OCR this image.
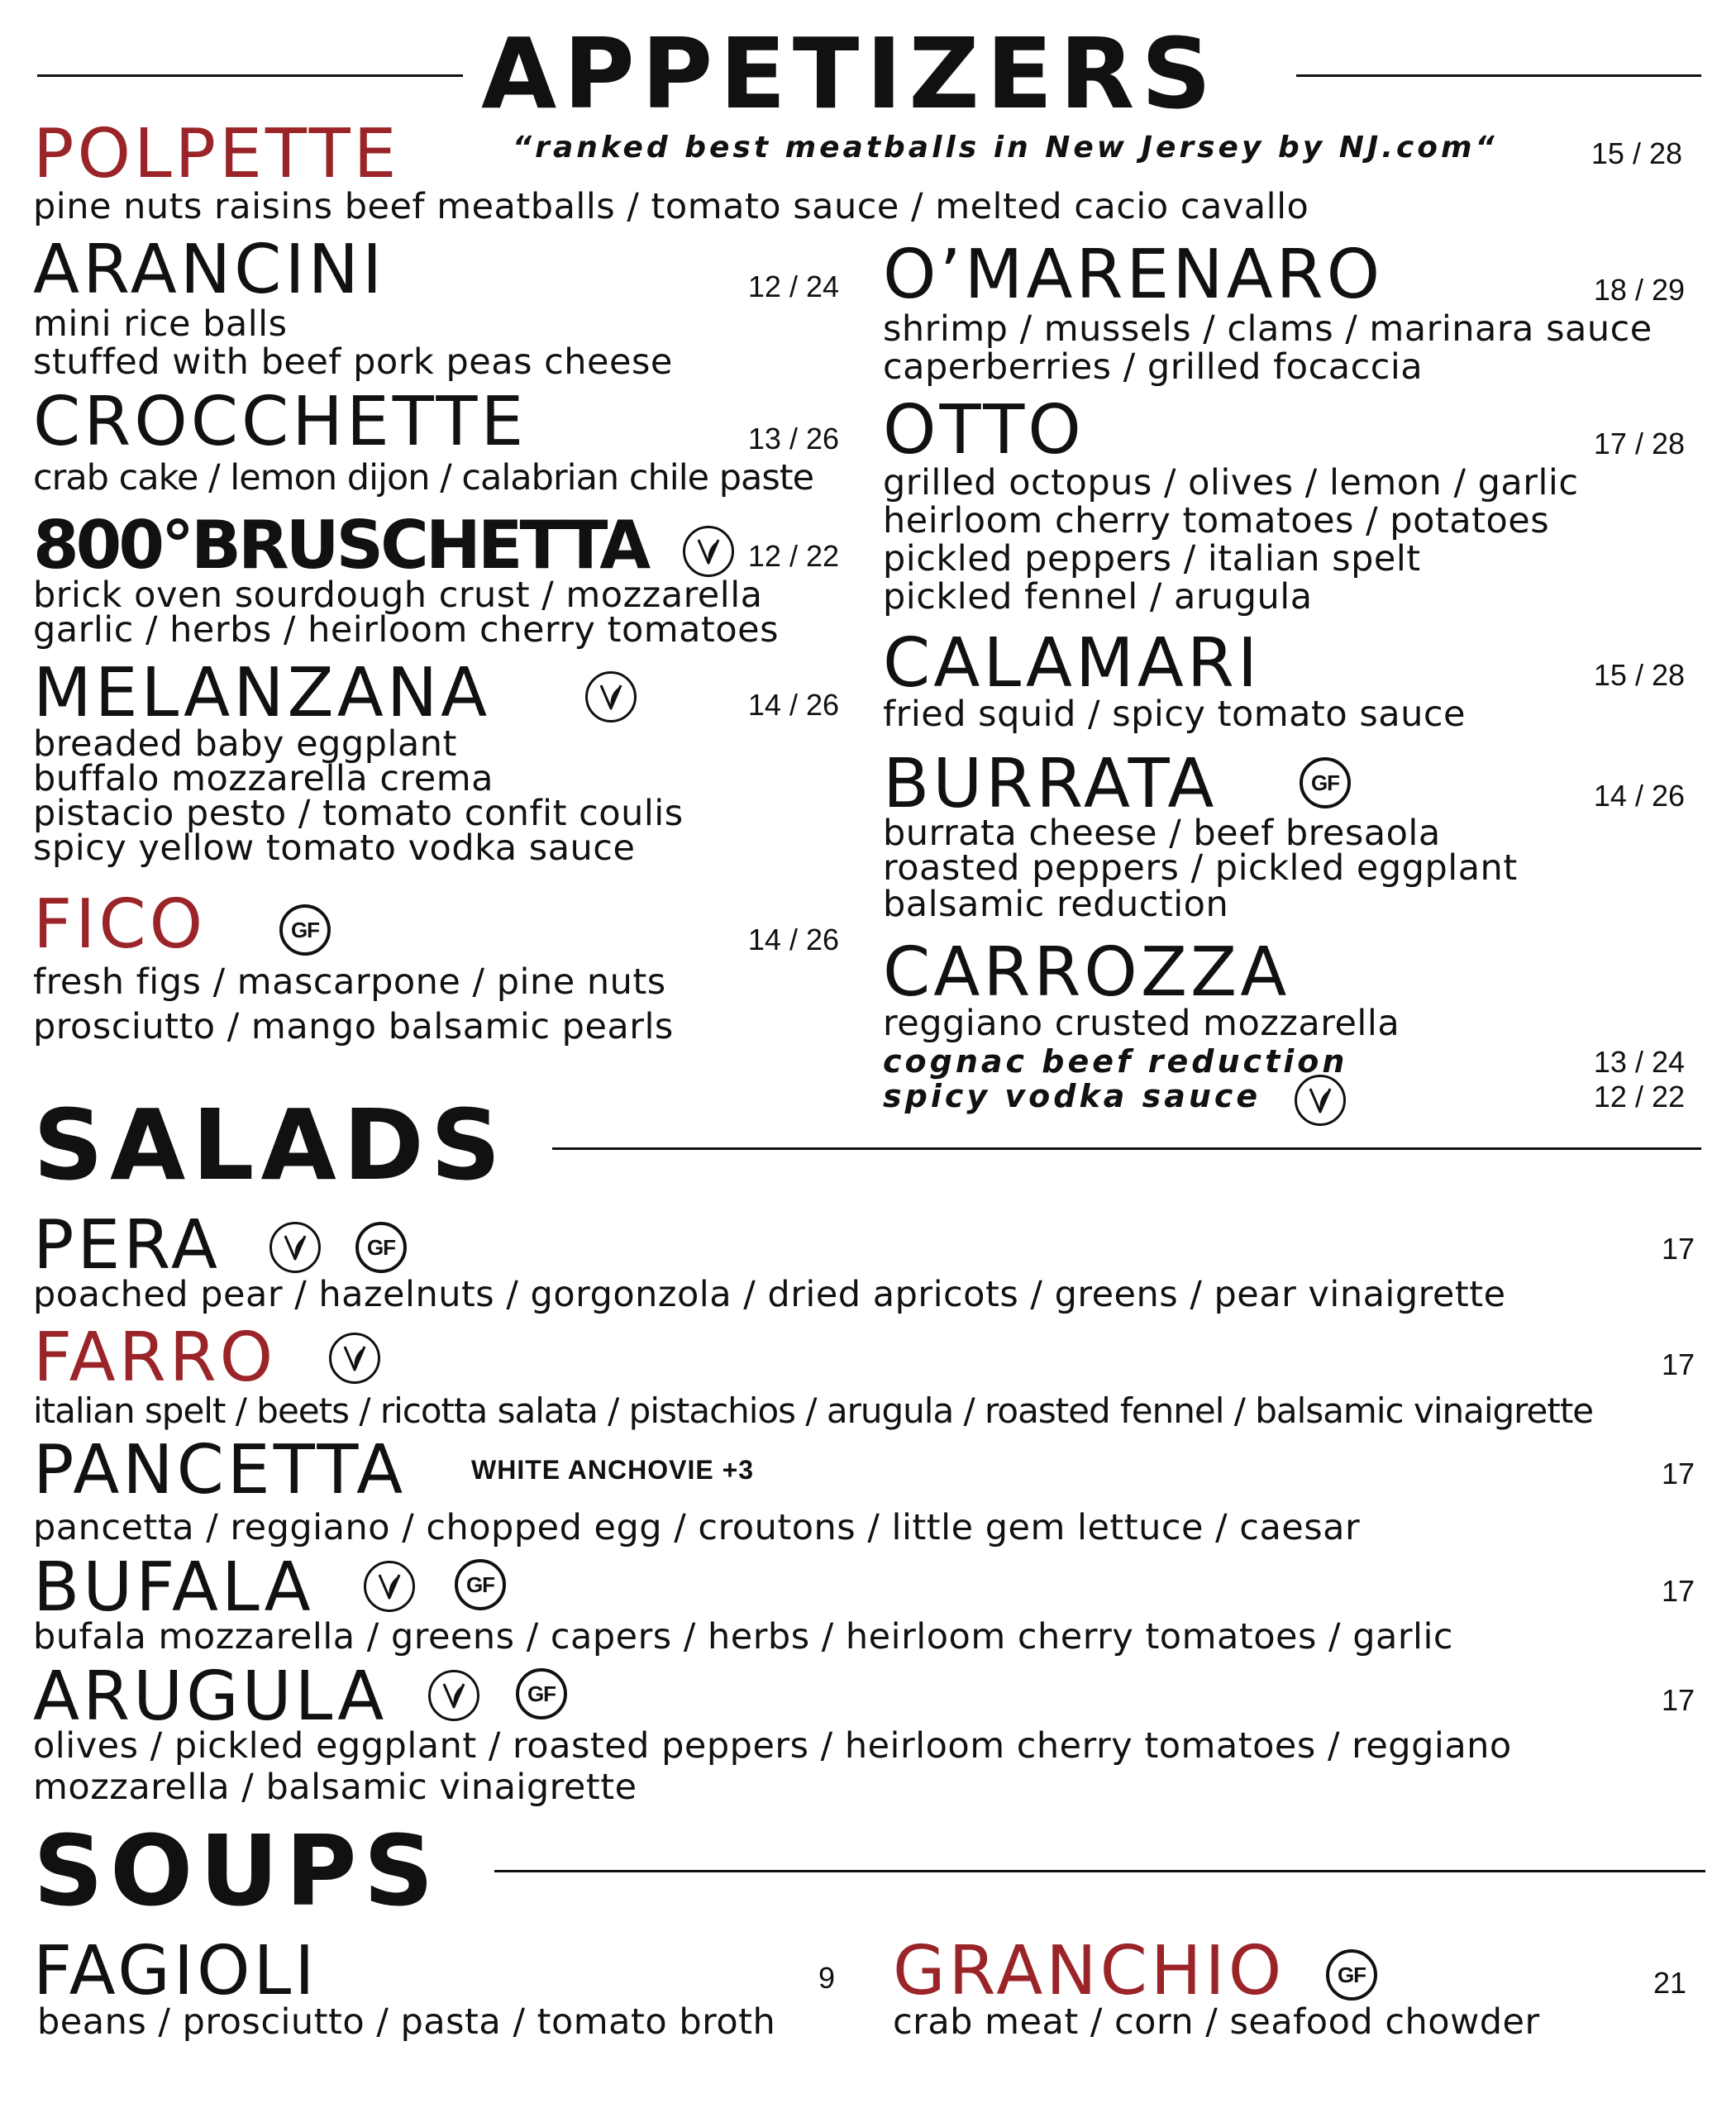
APPETIZERS
POLPETTE	“ranked best meatballs in New Jersey by NJ.com“	15 / 28
pine nuts raisins beef meatballs / tomato sauce / melted cacio cavallo
ARANCINI	12 / 24
mini rice balls
stuffed with beef pork peas cheese
CROCCHETTE	13 / 26
crab cake / lemon dijon / calabrian chile paste
800°BRUSCHETTA	12 / 22
brick oven sourdough crust / mozzarella
garlic / herbs / heirloom cherry tomatoes
MELANZANA	14 / 26
breaded baby eggplant
buffalo mozzarella crema
pistacio pesto / tomato confit coulis
spicy yellow tomato vodka sauce
FICO	GF	14 / 26
fresh figs / mascarpone / pine nuts
prosciutto / mango balsamic pearls
O’MARENARO	18 / 29
shrimp / mussels / clams / marinara sauce
caperberries / grilled focaccia
OTTO	17 / 28
grilled octopus / olives / lemon / garlic
heirloom cherry tomatoes / potatoes
pickled peppers / italian spelt
pickled fennel / arugula
CALAMARI	15 / 28
fried squid / spicy tomato sauce
BURRATA	GF	14 / 26
burrata cheese / beef bresaola
roasted peppers / pickled eggplant
balsamic reduction
CARROZZA
reggiano crusted mozzarella
cognac beef reduction	13 / 24
spicy vodka sauce	12 / 22
SALADS
PERA	GF	17
poached pear / hazelnuts / gorgonzola / dried apricots / greens / pear vinaigrette
FARRO	17
italian spelt / beets / ricotta salata / pistachios / arugula / roasted fennel / balsamic vinaigrette
PANCETTA WHITE ANCHOVIE +3	17
pancetta / reggiano / chopped egg / croutons / little gem lettuce / caesar
BUFALA	GF	17
bufala mozzarella / greens / capers / herbs / heirloom cherry tomatoes / garlic
ARUGULA	GF	17
olives / pickled eggplant / roasted peppers / heirloom cherry tomatoes / reggiano
mozzarella / balsamic vinaigrette
SOUPS
FAGIOLI	9
beans / prosciutto / pasta / tomato broth
GRANCHIO	GF	21
crab meat / corn / seafood chowder
